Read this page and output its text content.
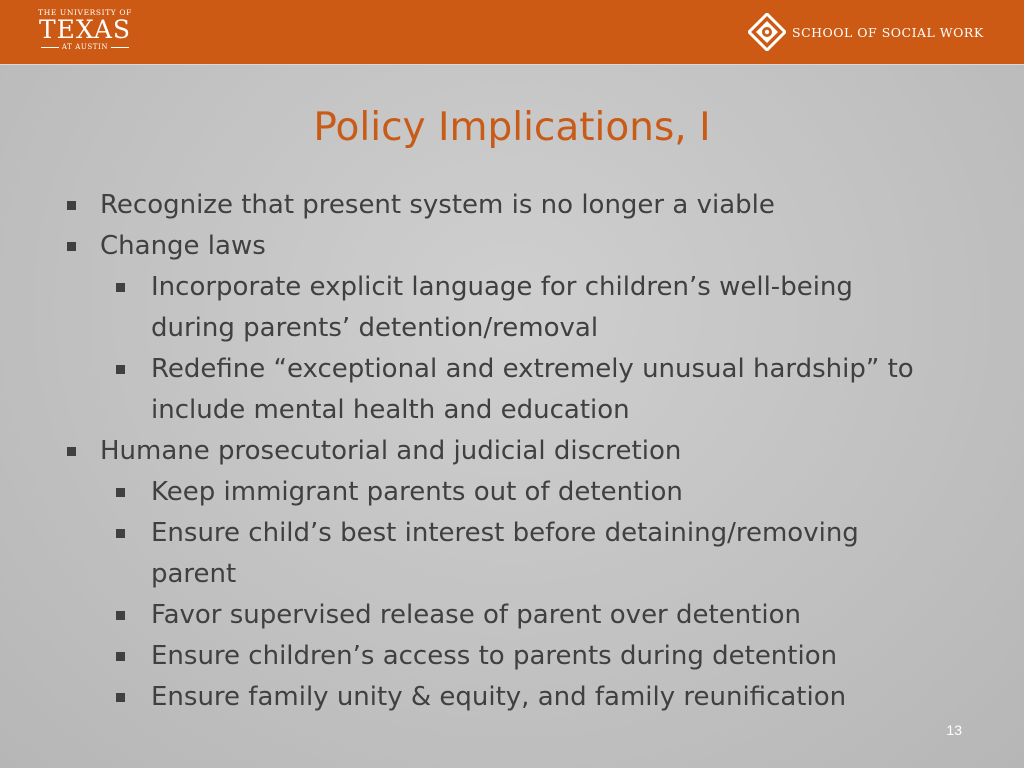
THE UNIVERSITY OF
TEXAS
AT AUSTIN
SCHOOL OF SOCIAL WORK
Policy Implications, I
Recognize that present system is no longer a viable
Change laws
Incorporate explicit language for children’s well-being
during parents’ detention/removal
Redefine “exceptional and extremely unusual hardship” to
include mental health and education
Humane prosecutorial and judicial discretion
Keep immigrant parents out of detention
Ensure child’s best interest before detaining/removing
parent
Favor supervised release of parent over detention
Ensure children’s access to parents during detention
Ensure family unity & equity, and family reunification
13
